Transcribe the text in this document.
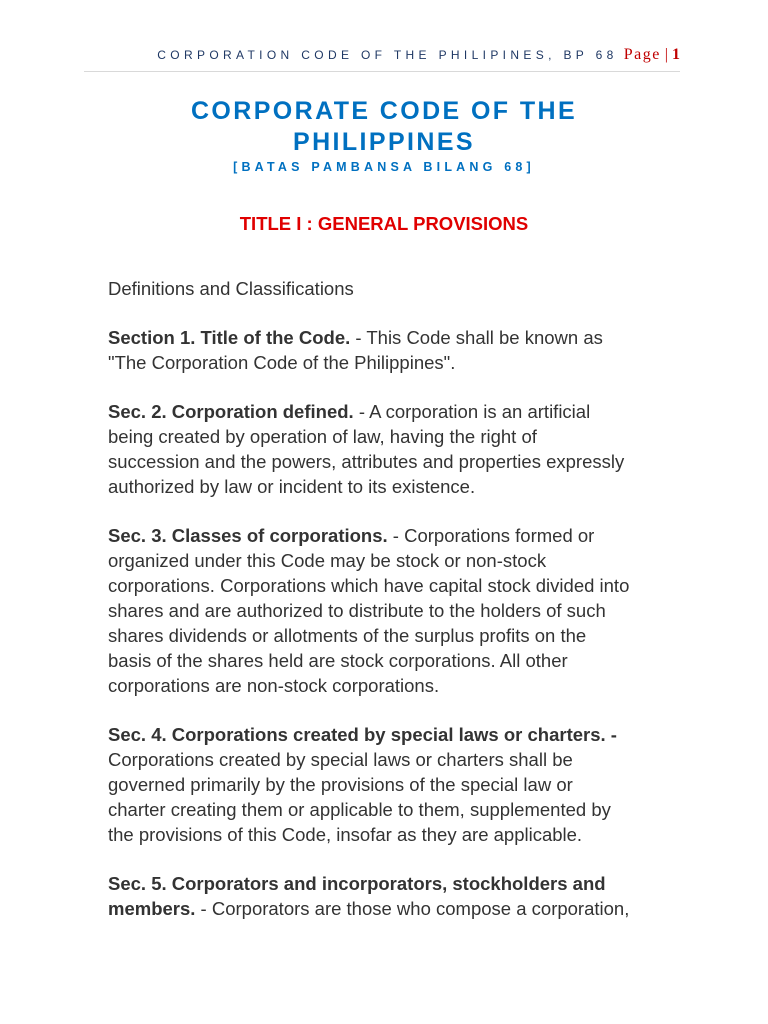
CORPORATION CODE OF THE PHILIPINES, BP 68 Page | 1
CORPORATE CODE OF THE
PHILIPPINES
[BATAS PAMBANSA BILANG 68]
TITLE I : GENERAL PROVISIONS

Definitions and Classifications

Section 1. Title of the Code. - This Code shall be known as
"The Corporation Code of the Philippines".

Sec. 2. Corporation defined. - A corporation is an artificial
being created by operation of law, having the right of
succession and the powers, attributes and properties expressly
authorized by law or incident to its existence.

Sec. 3. Classes of corporations. - Corporations formed or
organized under this Code may be stock or non-stock
corporations. Corporations which have capital stock divided into
shares and are authorized to distribute to the holders of such
shares dividends or allotments of the surplus profits on the
basis of the shares held are stock corporations. All other
corporations are non-stock corporations.

Sec. 4. Corporations created by special laws or charters. -
Corporations created by special laws or charters shall be
governed primarily by the provisions of the special law or
charter creating them or applicable to them, supplemented by
the provisions of this Code, insofar as they are applicable.

Sec. 5. Corporators and incorporators, stockholders and
members. - Corporators are those who compose a corporation,
